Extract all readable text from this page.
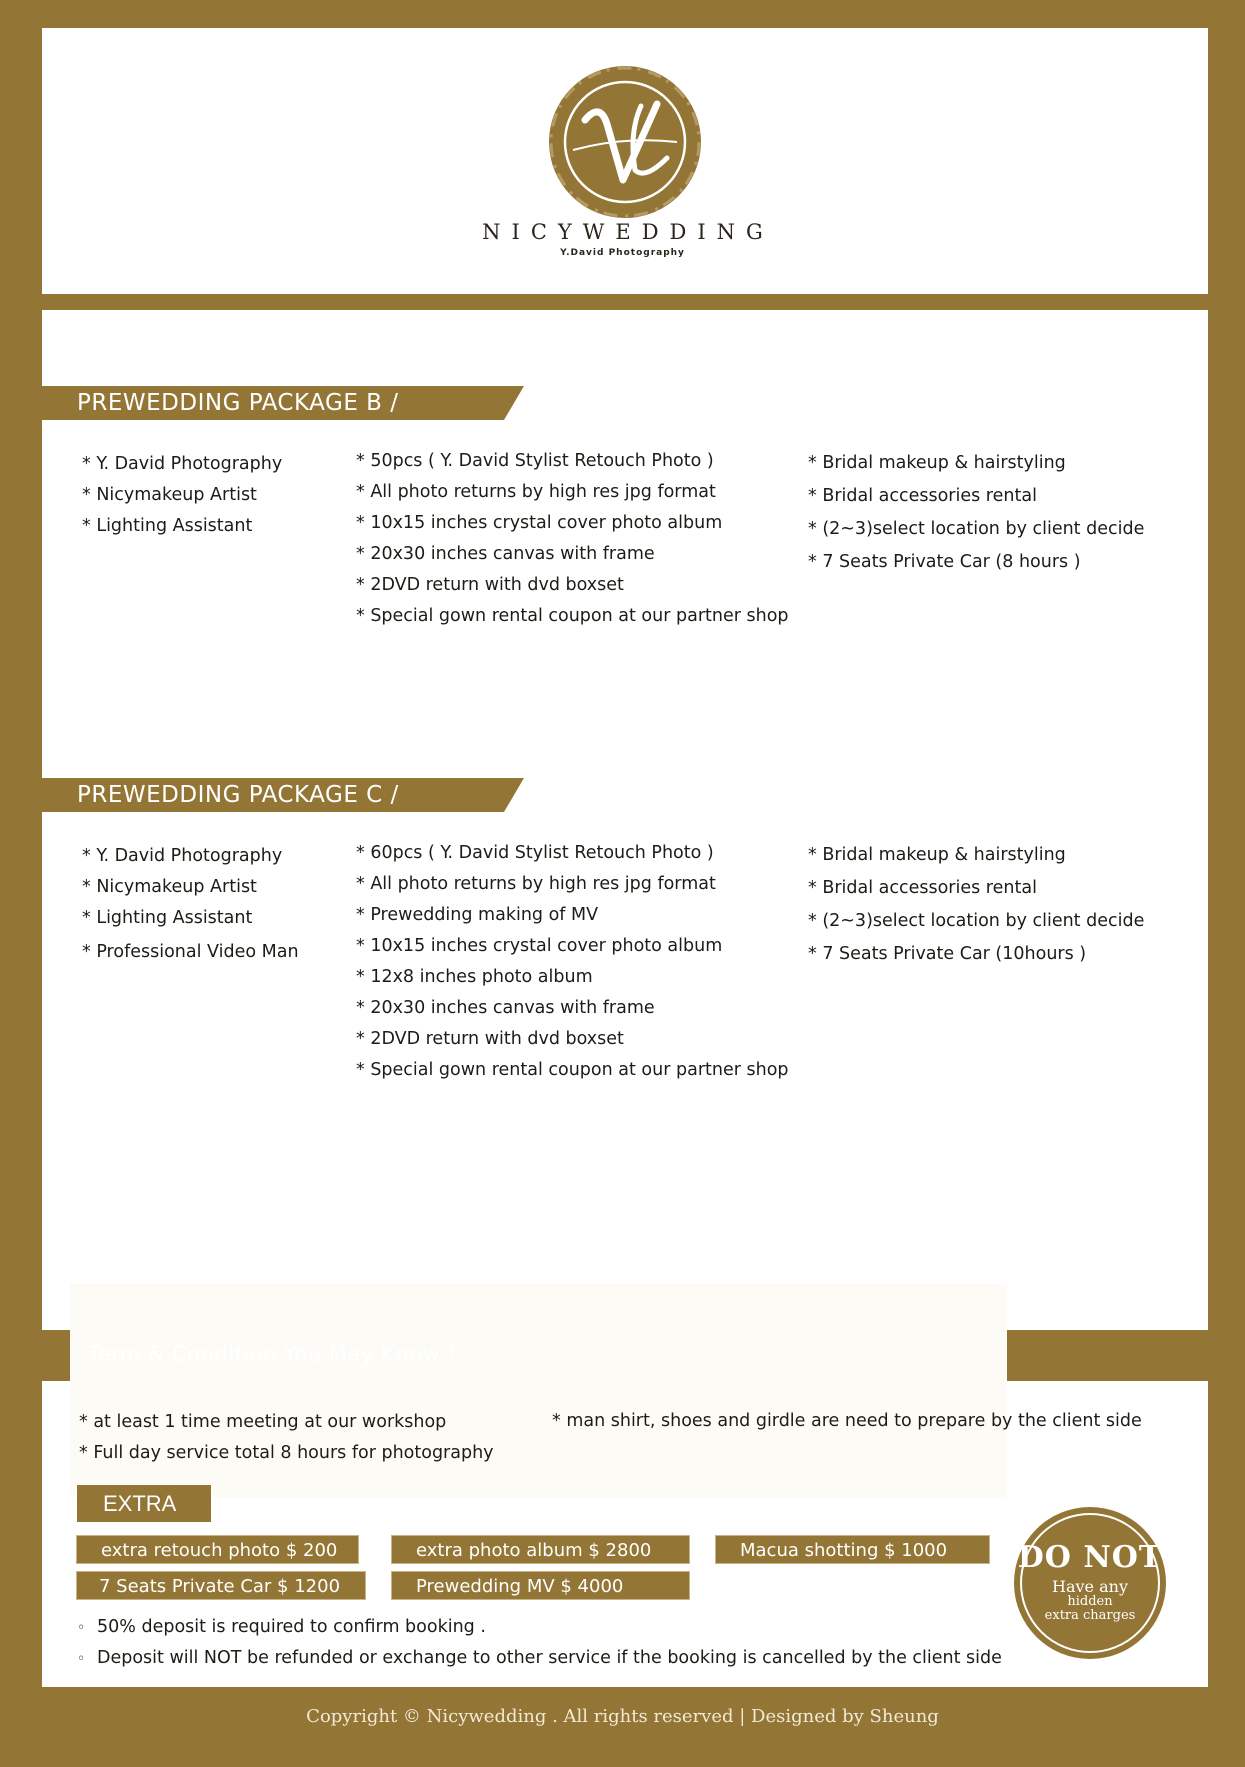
NICYWEDDING
Y.David Photography
PREWEDDING PACKAGE B /
* Y. David Photography
* Nicymakeup Artist
* Lighting Assistant
* 50pcs ( Y. David Stylist Retouch Photo )
* All photo returns by high res jpg format
* 10x15 inches crystal cover photo album
* 20x30 inches canvas with frame
* 2DVD return with dvd boxset
* Special gown rental coupon at our partner shop
* Bridal makeup & hairstyling
* Bridal accessories rental
* (2~3)select location by client decide
* 7 Seats Private Car (8 hours )
PREWEDDING PACKAGE C /
* Y. David Photography
* Nicymakeup Artist
* Lighting Assistant
* Professional Video Man
* 60pcs ( Y. David Stylist Retouch Photo )
* All photo returns by high res jpg format
* Prewedding making of MV
* 10x15 inches crystal cover photo album
* 12x8 inches photo album
* 20x30 inches canvas with frame
* 2DVD return with dvd boxset
* Special gown rental coupon at our partner shop
* Bridal makeup & hairstyling
* Bridal accessories rental
* (2~3)select location by client decide
* 7 Seats Private Car (10hours )
Term & Condition You May Know !
* at least 1 time meeting at our workshop
* Full day service total 8 hours for photography
* man shirt, shoes and girdle are need to prepare by the client side
EXTRA
extra retouch photo $ 200	extra photo album $ 2800	Macua shotting $ 1000
7 Seats Private Car $ 1200	Prewedding MV $ 4000
◦ 50% deposit is required to confirm booking .
◦ Deposit will NOT be refunded or exchange to other service if the booking is cancelled by the client side
DO NOT
Have any
hidden
extra charges
Copyright © Nicywedding . All rights reserved | Designed by Sheung
